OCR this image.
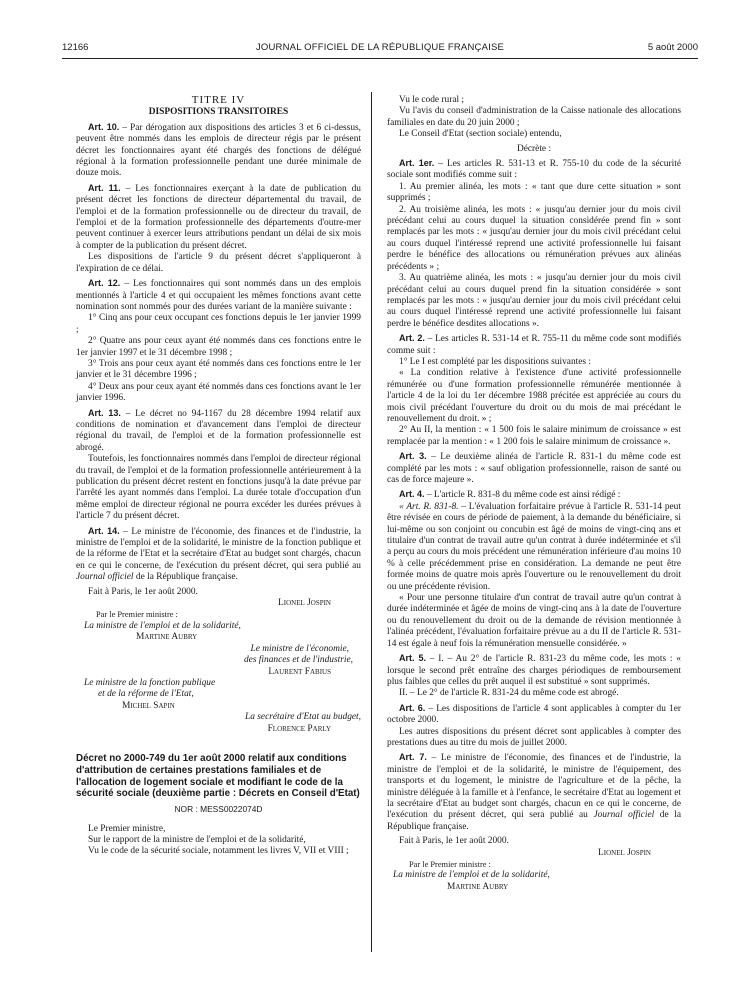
12166	JOURNAL OFFICIEL DE LA RÉPUBLIQUE FRANÇAISE	5 août 2000

TITRE IV

DISPOSITIONS TRANSITOIRES

Art. 10. – Par dérogation aux dispositions des articles 3 et 6 ci-dessus, peuvent être nommés dans les emplois de directeur régis par le présent décret les fonctionnaires ayant été chargés des fonctions de délégué régional à la formation professionnelle pendant une durée minimale de douze mois.

Art. 11. – Les fonctionnaires exerçant à la date de publication du présent décret les fonctions de directeur départemental du travail, de l'emploi et de la formation professionnelle ou de directeur du travail, de l'emploi et de la formation professionnelle des départements d'outre-mer peuvent continuer à exercer leurs attributions pendant un délai de six mois à compter de la publication du présent décret.

Les dispositions de l'article 9 du présent décret s'appliqueront à l'expiration de ce délai.

Art. 12. – Les fonctionnaires qui sont nommés dans un des emplois mentionnés à l'article 4 et qui occupaient les mêmes fonctions avant cette nomination sont nommés pour des durées variant de la manière suivante :

1° Cinq ans pour ceux occupant ces fonctions depuis le 1er janvier 1999 ;

2° Quatre ans pour ceux ayant été nommés dans ces fonctions entre le 1er janvier 1997 et le 31 décembre 1998 ;

3° Trois ans pour ceux ayant été nommés dans ces fonctions entre le 1er janvier et le 31 décembre 1996 ;

4° Deux ans pour ceux ayant été nommés dans ces fonctions avant le 1er janvier 1996.

Art. 13. – Le décret no 94-1167 du 28 décembre 1994 relatif aux conditions de nomination et d'avancement dans l'emploi de directeur régional du travail, de l'emploi et de la formation professionnelle est abrogé.

Toutefois, les fonctionnaires nommés dans l'emploi de directeur régional du travail, de l'emploi et de la formation professionnelle antérieurement à la publication du présent décret restent en fonctions jusqu'à la date prévue par l'arrêté les ayant nommés dans l'emploi. La durée totale d'occupation d'un même emploi de directeur régional ne pourra excéder les durées prévues à l'article 7 du présent décret.

Art. 14. – Le ministre de l'économie, des finances et de l'industrie, la ministre de l'emploi et de la solidarité, le ministre de la fonction publique et de la réforme de l'Etat et la secrétaire d'Etat au budget sont chargés, chacun en ce qui le concerne, de l'exécution du présent décret, qui sera publié au Journal officiel de la République française.

Fait à Paris, le 1er août 2000.

Lionel Jospin

Par le Premier ministre :

La ministre de l'emploi et de la solidarité,

Martine Aubry

Le ministre de l'économie,

des finances et de l'industrie,

Laurent Fabius

Le ministre de la fonction publique

et de la réforme de l'Etat,

Michel Sapin

La secrétaire d'Etat au budget,

Florence Parly

Décret no 2000-749 du 1er août 2000 relatif aux conditions d'attribution de certaines prestations familiales et de l'allocation de logement sociale et modifiant le code de la sécurité sociale (deuxième partie : Décrets en Conseil d'Etat)

NOR : MESS0022074D

Le Premier ministre,

Sur le rapport de la ministre de l'emploi et de la solidarité,

Vu le code de la sécurité sociale, notamment les livres V, VII et VIII ;

Vu le code rural ;

Vu l'avis du conseil d'administration de la Caisse nationale des allocations familiales en date du 20 juin 2000 ;

Le Conseil d'Etat (section sociale) entendu,

Décrète :

Art. 1er. – Les articles R. 531-13 et R. 755-10 du code de la sécurité sociale sont modifiés comme suit :

1. Au premier alinéa, les mots : « tant que dure cette situation » sont supprimés ;

2. Au troisième alinéa, les mots : « jusqu'au dernier jour du mois civil précédant celui au cours duquel la situation considérée prend fin » sont remplacés par les mots : « jusqu'au dernier jour du mois civil précédant celui au cours duquel l'intéressé reprend une activité professionnelle lui faisant perdre le bénéfice des allocations ou rémunération prévues aux alinéas précédents » ;

3. Au quatrième alinéa, les mots : « jusqu'au dernier jour du mois civil précédant celui au cours duquel prend fin la situation considérée » sont remplacés par les mots : « jusqu'au dernier jour du mois civil précédant celui au cours duquel l'intéressé reprend une activité professionnelle lui faisant perdre le bénéfice desdites allocations ».

Art. 2. – Les articles R. 531-14 et R. 755-11 du même code sont modifiés comme suit :

1° Le I est complété par les dispositions suivantes :

« La condition relative à l'existence d'une activité professionnelle rémunérée ou d'une formation professionnelle rémunérée mentionnée à l'article 4 de la loi du 1er décembre 1988 précitée est appréciée au cours du mois civil précédant l'ouverture du droit ou du mois de mai précédant le renouvellement du droit. » ;

2° Au II, la mention : « 1 500 fois le salaire minimum de croissance » est remplacée par la mention : « 1 200 fois le salaire minimum de croissance ».

Art. 3. – Le deuxième alinéa de l'article R. 831-1 du même code est complété par les mots : « sauf obligation professionnelle, raison de santé ou cas de force majeure ».

Art. 4. – L'article R. 831-8 du même code est ainsi rédigé :

« Art. R. 831-8. – L'évaluation forfaitaire prévue à l'article R. 531-14 peut être révisée en cours de période de paiement, à la demande du bénéficiaire, si lui-même ou son conjoint ou concubin est âgé de moins de vingt-cinq ans et titulaire d'un contrat de travail autre qu'un contrat à durée indéterminée et s'il a perçu au cours du mois précédent une rémunération inférieure d'au moins 10 % à celle précédemment prise en considération. La demande ne peut être formée moins de quatre mois après l'ouverture ou le renouvellement du droit ou une précédente révision.

« Pour une personne titulaire d'un contrat de travail autre qu'un contrat à durée indéterminée et âgée de moins de vingt-cinq ans à la date de l'ouverture ou du renouvellement du droit ou de la demande de révision mentionnée à l'alinéa précédent, l'évaluation forfaitaire prévue au a du II de l'article R. 531-14 est égale à neuf fois la rémunération mensuelle considérée. »

Art. 5. – I. – Au 2° de l'article R. 831-23 du même code, les mots : « lorsque le second prêt entraîne des charges périodiques de remboursement plus faibles que celles du prêt auquel il est substitué » sont supprimés.

II. – Le 2° de l'article R. 831-24 du même code est abrogé.

Art. 6. – Les dispositions de l'article 4 sont applicables à compter du 1er octobre 2000.

Les autres dispositions du présent décret sont applicables à compter des prestations dues au titre du mois de juillet 2000.

Art. 7. – Le ministre de l'économie, des finances et de l'industrie, la ministre de l'emploi et de la solidarité, le ministre de l'équipement, des transports et du logement, le ministre de l'agriculture et de la pêche, la ministre déléguée à la famille et à l'enfance, le secrétaire d'Etat au logement et la secrétaire d'Etat au budget sont chargés, chacun en ce qui le concerne, de l'exécution du présent décret, qui sera publié au Journal officiel de la République française.

Fait à Paris, le 1er août 2000.

Lionel Jospin

Par le Premier ministre :

La ministre de l'emploi et de la solidarité,

Martine Aubry
